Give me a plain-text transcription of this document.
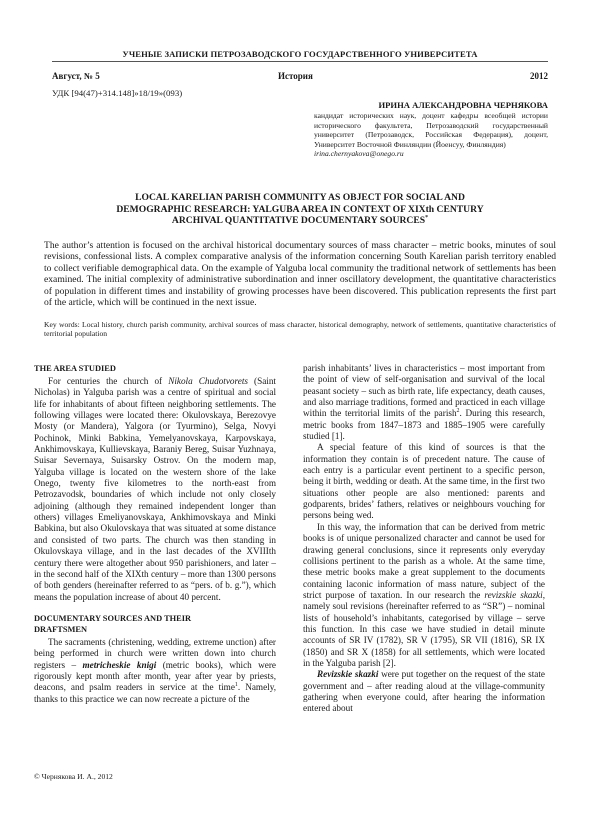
УЧЕНЫЕ ЗАПИСКИ ПЕТРОЗАВОДСКОГО ГОСУДАРСТВЕННОГО УНИВЕРСИТЕТА
Август, № 5	История	2012
УДК [94(47)+314.148]»18/19»(093)
ИРИНА АЛЕКСАНДРОВНА ЧЕРНЯКОВА
кандидат исторических наук, доцент кафедры всеобщей истории исторического факультета, Петрозаводский государственный университет (Петрозаводск, Российская Федерация), доцент, Университет Восточной Финляндии (Йоенсуу, Финляндия)
irina.chernyakova@onego.ru
LOCAL KARELIAN PARISH COMMUNITY AS OBJECT FOR SOCIAL AND
DEMOGRAPHIC RESEARCH: YALGUBA AREA IN CONTEXT OF XIXth CENTURY
ARCHIVAL QUANTITATIVE DOCUMENTARY SOURCES*
The author’s attention is focused on the archival historical documentary sources of mass character – metric books, minutes of soul revisions, confessional lists. A complex comparative analysis of the information concerning South Karelian parish territory enabled to collect verifiable demographical data. On the example of Yalguba local community the traditional network of settlements has been examined. The initial complexity of administrative subordination and inner oscillatory development, the quantitative characteristics of population in different times and instability of growing processes have been discovered. This publication represents the first part of the article, which will be continued in the next issue.
Key words: Local history, church parish community, archival sources of mass character, historical demography, network of settlements, quantitative characteristics of territorial population
THE AREA STUDIED

For centuries the church of Nikola Chudotvorets (Saint Nicholas) in Yalguba parish was a centre of spiritual and social life for inhabitants of about fifteen neighboring settlements. The following villages were located there: Okulovskaya, Berezovye Mosty (or Mandera), Yalgora (or Tyurmino), Selga, Novyi Pochinok, Minki Babkina, Yemelyanovskaya, Karpovskaya, Ankhimovskaya, Kullievskaya, Baraniy Bereg, Suisar Yuzhnaya, Suisar Severnaya, Suisarsky Ostrov. On the modern map, Yalguba village is located on the western shore of the lake Onego, twenty five kilometres to the north-east from Petrozavodsk, boundaries of which include not only closely adjoining (although they remained independent longer than others) villages Emeliyanovskaya, Ankhimovskaya and Minki Babkina, but also Okulovskaya that was situated at some distance and consisted of two parts. The church was then standing in Okulovskaya village, and in the last decades of the XVIIIth century there were altogether about 950 parishioners, and later – in the second half of the XIXth century – more than 1300 persons of both genders (hereinafter referred to as “pers. of b. g.”), which means the population increase of about 40 percent.

DOCUMENTARY SOURCES AND THEIR
DRAFTSMEN

The sacraments (christening, wedding, extreme unction) after being performed in church were written down into church registers – metricheskie knigi (metric books), which were rigorously kept month after month, year after year by priests, deacons, and psalm readers in service at the time$^1$. Namely, thanks to this practice we can now recreate a picture of the

parish inhabitants’ lives in characteristics – most important from the point of view of self-organisation and survival of the local peasant society – such as birth rate, life expectancy, death causes, and also marriage traditions, formed and practiced in each village within the territorial limits of the parish$^2$. During this research, metric books from 1847–1873 and 1885–1905 were carefully studied [1].

A special feature of this kind of sources is that the information they contain is of precedent nature. The cause of each entry is a particular event pertinent to a specific person, being it birth, wedding or death. At the same time, in the first two situations other people are also mentioned: parents and godparents, brides’ fathers, relatives or neighbours vouching for persons being wed.

In this way, the information that can be derived from metric books is of unique personalized character and cannot be used for drawing general conclusions, since it represents only everyday collisions pertinent to the parish as a whole. At the same time, these metric books make a great supplement to the documents containing laconic information of mass nature, subject of the strict purpose of taxation. In our research the revizskie skazki, namely soul revisions (hereinafter referred to as “SR”) – nominal lists of household’s inhabitants, categorised by village – serve this function. In this case we have studied in detail minute accounts of SR IV (1782), SR V (1795), SR VII (1816), SR IX (1850) and SR X (1858) for all settlements, which were located in the Yalguba parish [2].

Revizskie skazki were put together on the request of the state government and – after reading aloud at the village-community gathering when everyone could, after hearing the information entered about

© Чернякова И. А., 2012
